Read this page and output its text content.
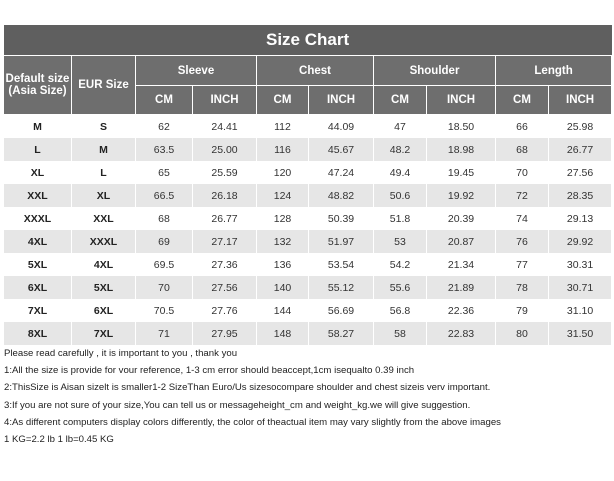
Size Chart									
Default size (Asia Size)	EUR Size	Sleeve		Chest		Shoulder		Length	
		CM	INCH	CM	INCH	CM	INCH	CM	INCH
M	S	62	24.41	112	44.09	47	18.50	66	25.98
L	M	63.5	25.00	116	45.67	48.2	18.98	68	26.77
XL	L	65	25.59	120	47.24	49.4	19.45	70	27.56
XXL	XL	66.5	26.18	124	48.82	50.6	19.92	72	28.35
XXXL	XXL	68	26.77	128	50.39	51.8	20.39	74	29.13
4XL	XXXL	69	27.17	132	51.97	53	20.87	76	29.92
5XL	4XL	69.5	27.36	136	53.54	54.2	21.34	77	30.31
6XL	5XL	70	27.56	140	55.12	55.6	21.89	78	30.71
7XL	6XL	70.5	27.76	144	56.69	56.8	22.36	79	31.10
8XL	7XL	71	27.95	148	58.27	58	22.83	80	31.50
Please read carefully , it is important to you , thank you
1:All the size is provide for vour reference, 1-3 cm error should beaccept,1cm isequalto 0.39 inch
2:ThisSize is Aisan sizelt is smaller1-2 SizeThan Euro/Us sizesocompare shoulder and chest sizeis verv important.
3:If you are not sure of your size,You can tell us or messageheight_cm and weight_kg.we will give suggestion.
4:As different computers display colors differently, the color of theactual item may vary slightly from the above images
1 KG=2.2 lb 1 lb=0.45 KG
